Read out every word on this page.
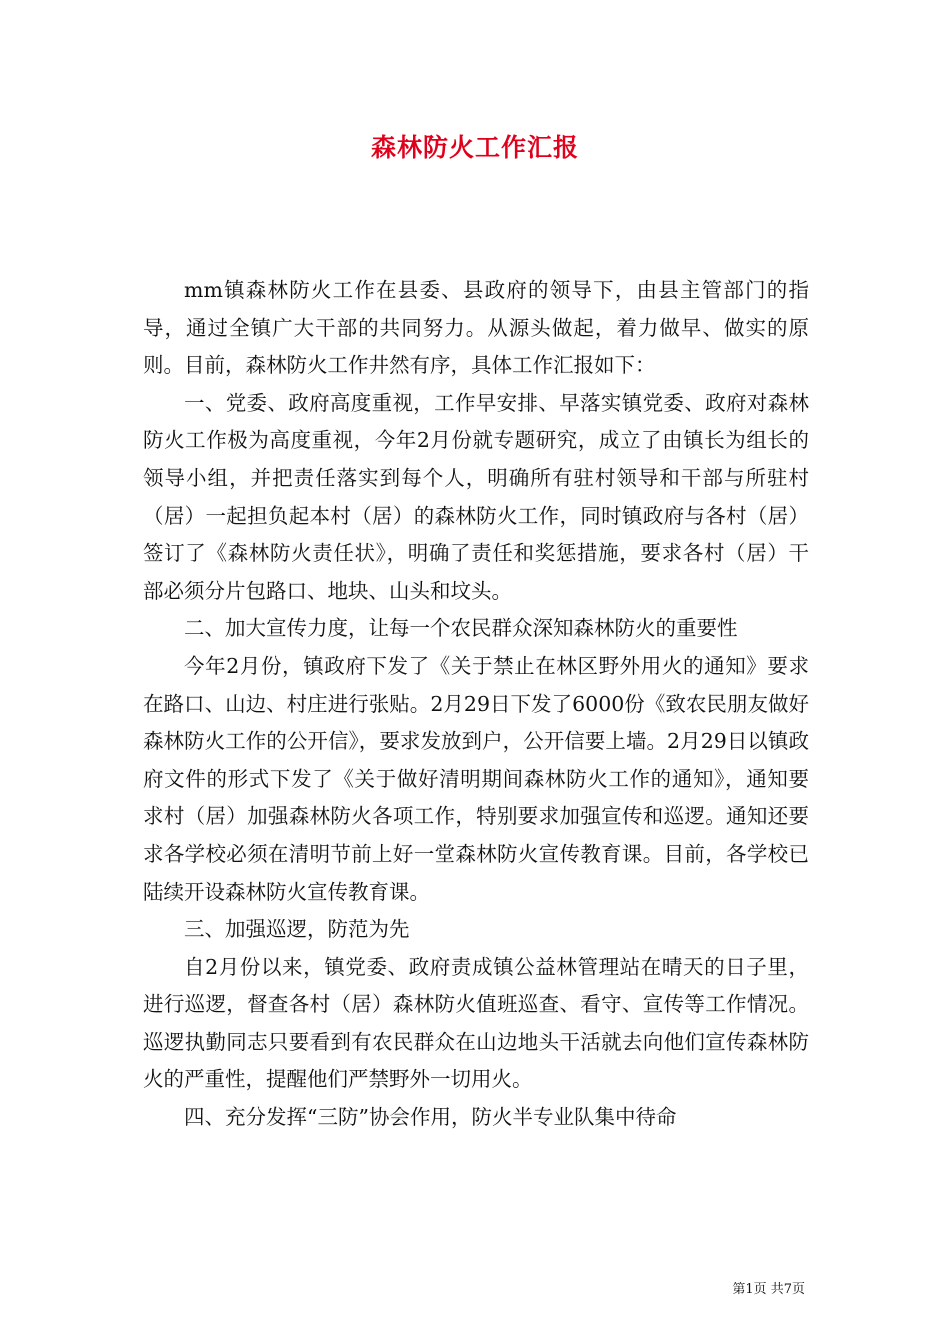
森林防火工作汇报

mm镇森林防火工作在县委、县政府的领导下，由县主管部门的指导，通过全镇广大干部的共同努力。从源头做起，着力做早、做实的原则。目前，森林防火工作井然有序，具体工作汇报如下：

一、党委、政府高度重视，工作早安排、早落实镇党委、政府对森林防火工作极为高度重视，今年2月份就专题研究，成立了由镇长为组长的领导小组，并把责任落实到每个人，明确所有驻村领导和干部与所驻村（居）一起担负起本村（居）的森林防火工作，同时镇政府与各村（居）签订了《森林防火责任状》，明确了责任和奖惩措施，要求各村（居）干部必须分片包路口、地块、山头和坟头。

二、加大宣传力度，让每一个农民群众深知森林防火的重要性

今年2月份，镇政府下发了《关于禁止在林区野外用火的通知》要求在路口、山边、村庄进行张贴。2月29日下发了6000份《致农民朋友做好森林防火工作的公开信》，要求发放到户，公开信要上墙。2月29日以镇政府文件的形式下发了《关于做好清明期间森林防火工作的通知》，通知要求村（居）加强森林防火各项工作，特别要求加强宣传和巡逻。通知还要求各学校必须在清明节前上好一堂森林防火宣传教育课。目前，各学校已陆续开设森林防火宣传教育课。

三、加强巡逻，防范为先

自2月份以来，镇党委、政府责成镇公益林管理站在晴天的日子里，进行巡逻，督查各村（居）森林防火值班巡查、看守、宣传等工作情况。巡逻执勤同志只要看到有农民群众在山边地头干活就去向他们宣传森林防火的严重性，提醒他们严禁野外一切用火。

四、充分发挥“三防”协会作用，防火半专业队集中待命

第1页 共7页
